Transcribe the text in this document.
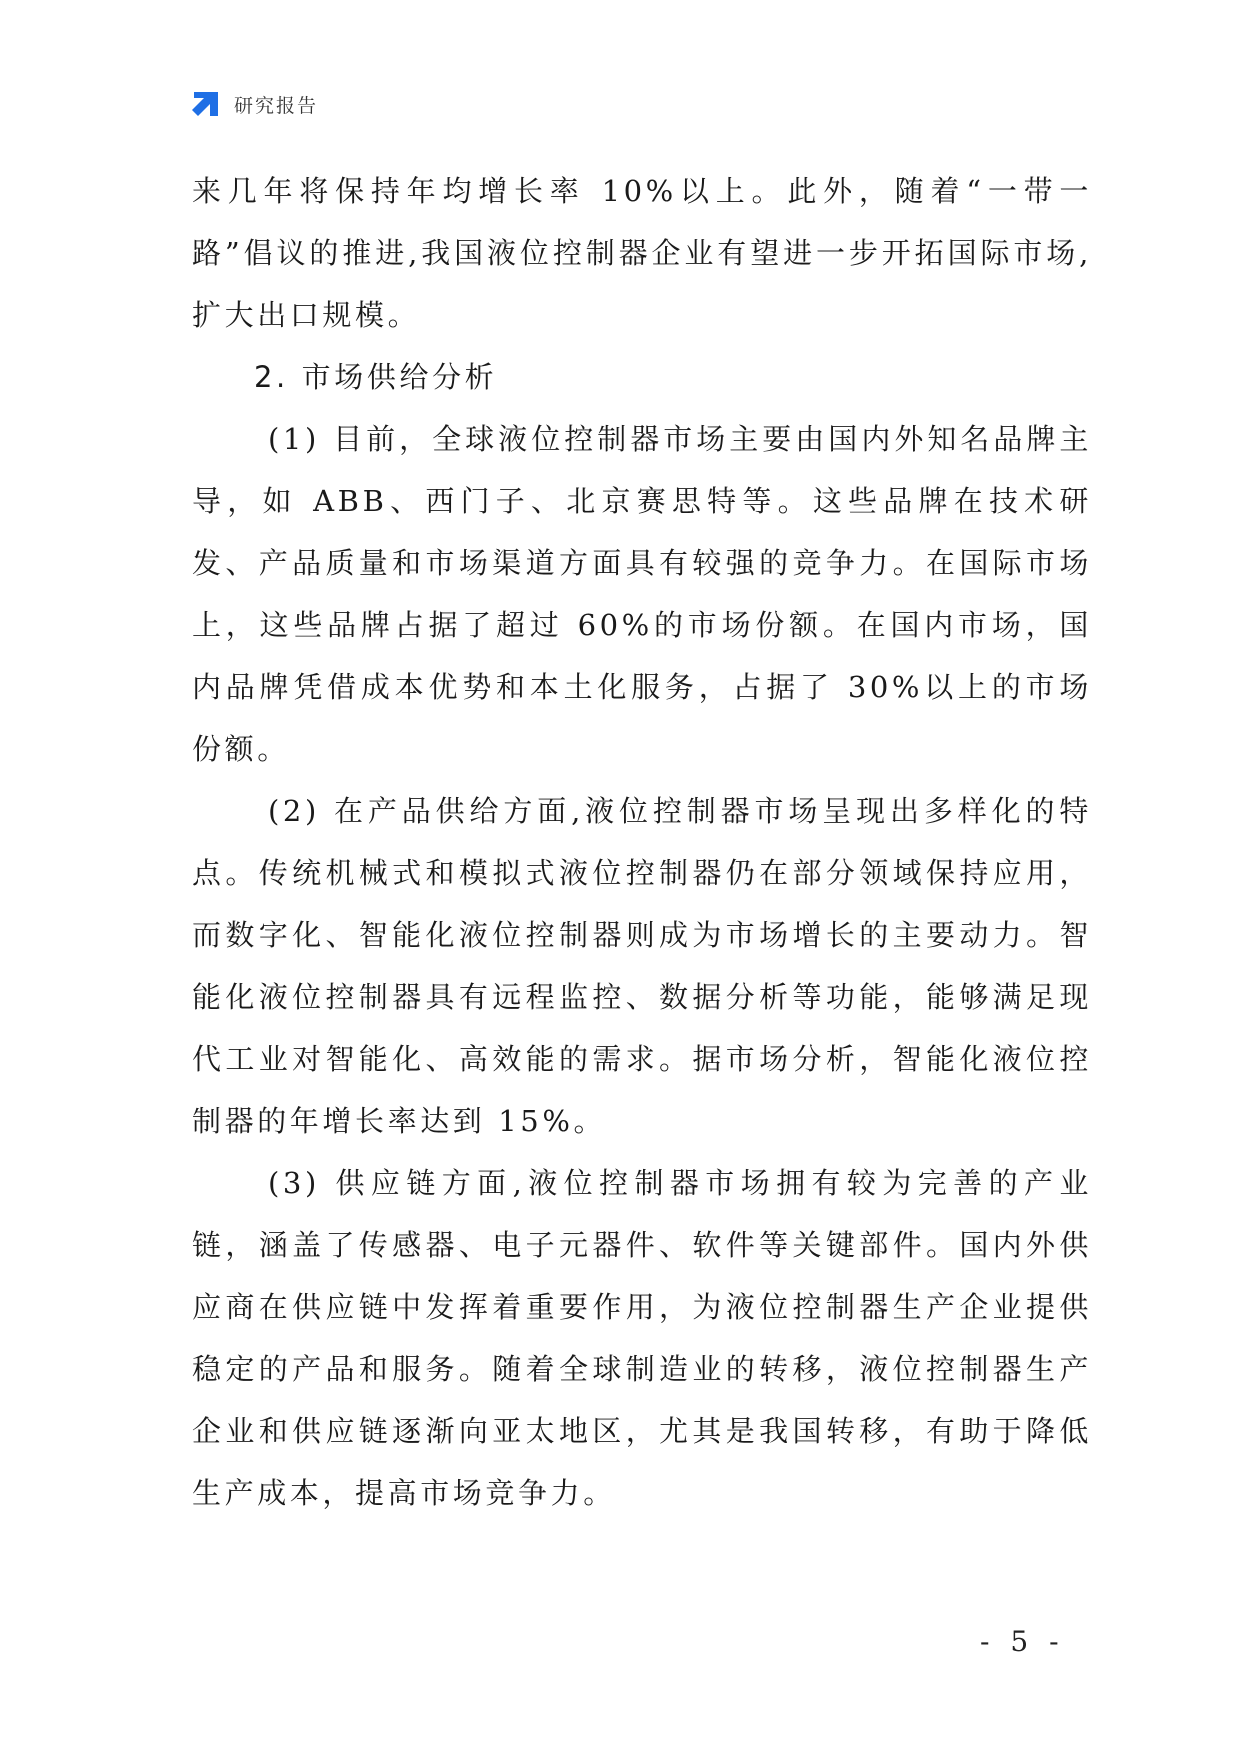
研究报告

来几年将保持年均增长率 10%以上。此外，随着“一带一路”倡议的推进,我国液位控制器企业有望进一步开拓国际市场,扩大出口规模。

2. 市场供给分析

(1) 目前，全球液位控制器市场主要由国内外知名品牌主导，如 ABB、西门子、北京赛思特等。这些品牌在技术研发、产品质量和市场渠道方面具有较强的竞争力。在国际市场上，这些品牌占据了超过 60%的市场份额。在国内市场，国内品牌凭借成本优势和本土化服务，占据了 30%以上的市场份额。

(2) 在产品供给方面,液位控制器市场呈现出多样化的特点。传统机械式和模拟式液位控制器仍在部分领域保持应用，而数字化、智能化液位控制器则成为市场增长的主要动力。智能化液位控制器具有远程监控、数据分析等功能，能够满足现代工业对智能化、高效能的需求。据市场分析，智能化液位控制器的年增长率达到 15%。

(3) 供应链方面,液位控制器市场拥有较为完善的产业链，涵盖了传感器、电子元器件、软件等关键部件。国内外供应商在供应链中发挥着重要作用，为液位控制器生产企业提供稳定的产品和服务。随着全球制造业的转移，液位控制器生产企业和供应链逐渐向亚太地区，尤其是我国转移，有助于降低生产成本，提高市场竞争力。

- 5 -
